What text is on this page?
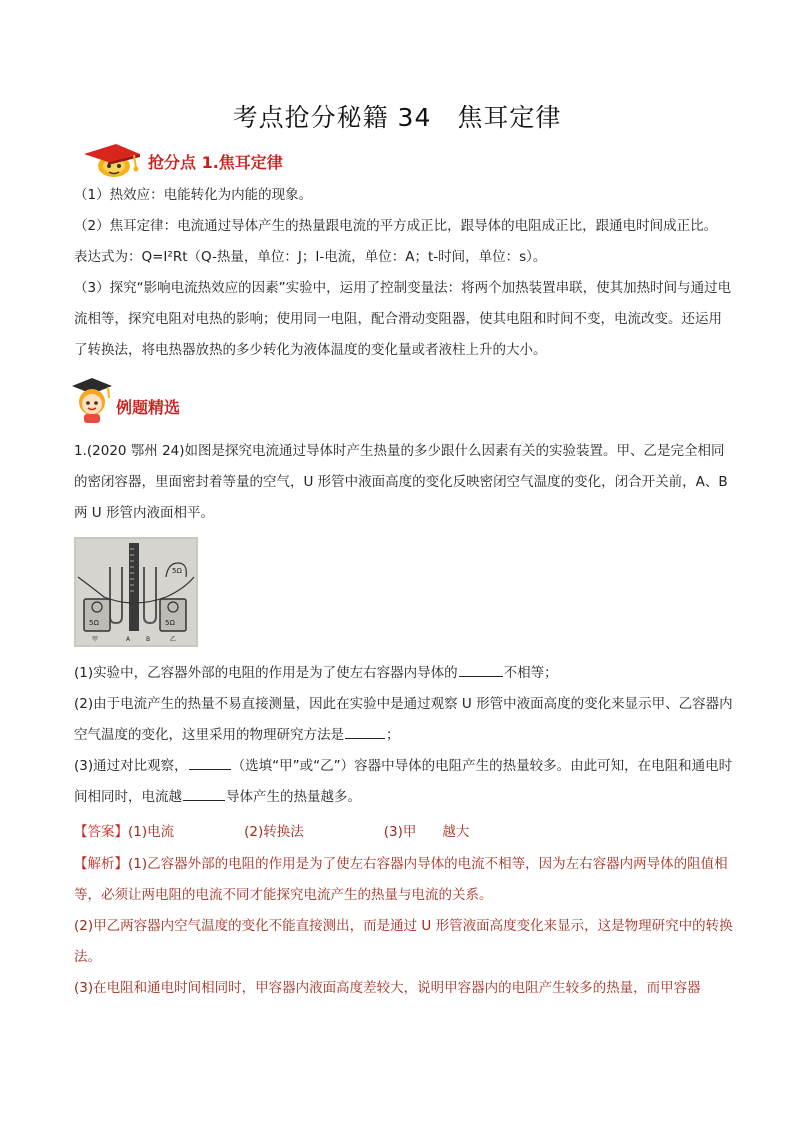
考点抢分秘籍 34　焦耳定律
抢分点 1.焦耳定律

（1）热效应：电能转化为内能的现象。

（2）焦耳定律：电流通过导体产生的热量跟电流的平方成正比，跟导体的电阻成正比，跟通电时间成正比。

表达式为：Q=I²Rt（Q-热量，单位：J；I-电流，单位：A；t-时间，单位：s）。

（3）探究“影响电流热效应的因素”实验中，运用了控制变量法：将两个加热装置串联，使其加热时间与通过电流相等，探究电阻对电热的影响；使用同一电阻，配合滑动变阻器，使其电阻和时间不变，电流改变。还运用了转换法，将电热器放热的多少转化为液体温度的变化量或者液柱上升的大小。

例题精选

1.(2020 鄂州 24)如图是探究电流通过导体时产生热量的多少跟什么因素有关的实验装置。甲、乙是完全相同的密闭容器，里面密封着等量的空气，U 形管中液面高度的变化反映密闭空气温度的变化，闭合开关前，A、B 两 U 形管内液面相平。

5Ω
5Ω	5Ω
甲	A	B	乙

(1)实验中，乙容器外部的电阻的作用是为了使左右容器内导体的	不相等；

(2)由于电流产生的热量不易直接测量，因此在实验中是通过观察 U 形管中液面高度的变化来显示甲、乙容器内空气温度的变化，这里采用的物理研究方法是	；

(3)通过对比观察，	（选填“甲”或“乙”）容器中导体的电阻产生的热量较多。由此可知，在电阻和通电时间相同时，电流越	导体产生的热量越多。

【答案】(1)电流	(2)转换法	(3)甲 越大

【解析】(1)乙容器外部的电阻的作用是为了使左右容器内导体的电流不相等，因为左右容器内两导体的阻值相等，必须让两电阻的电流不同才能探究电流产生的热量与电流的关系。

(2)甲乙两容器内空气温度的变化不能直接测出，而是通过 U 形管液面高度变化来显示，这是物理研究中的转换法。

(3)在电阻和通电时间相同时，甲容器内液面高度差较大，说明甲容器内的电阻产生较多的热量，而甲容器
